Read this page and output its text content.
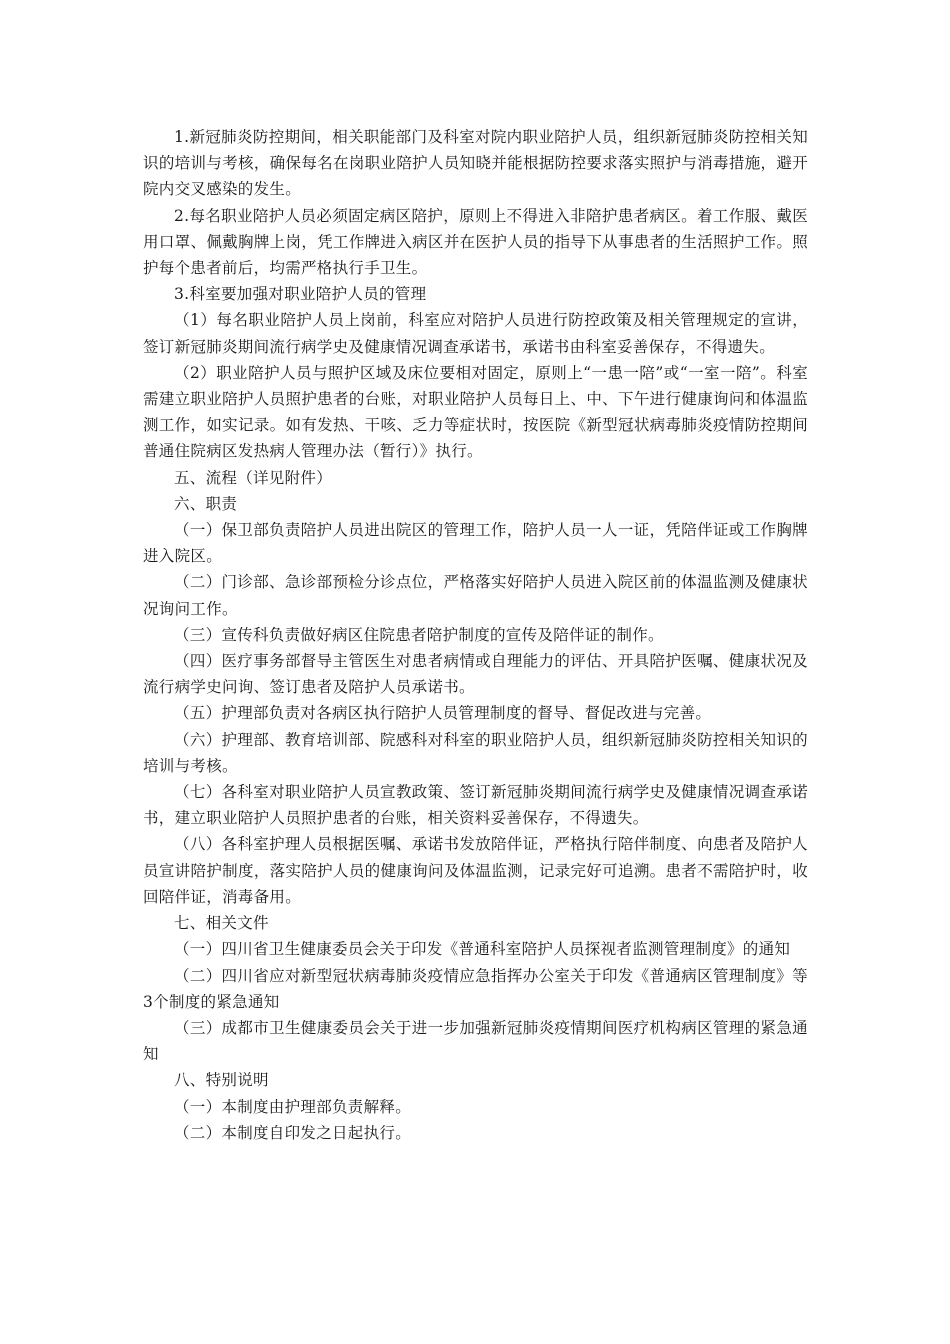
1.新冠肺炎防控期间，相关职能部门及科室对院内职业陪护人员，组织新冠肺炎防控相关知识的培训与考核，确保每名在岗职业陪护人员知晓并能根据防控要求落实照护与消毒措施，避开院内交叉感染的发生。

2.每名职业陪护人员必须固定病区陪护，原则上不得进入非陪护患者病区。着工作服、戴医用口罩、佩戴胸牌上岗，凭工作牌进入病区并在医护人员的指导下从事患者的生活照护工作。照护每个患者前后，均需严格执行手卫生。

3.科室要加强对职业陪护人员的管理

（1）每名职业陪护人员上岗前，科室应对陪护人员进行防控政策及相关管理规定的宣讲，签订新冠肺炎期间流行病学史及健康情况调查承诺书，承诺书由科室妥善保存，不得遗失。

（2）职业陪护人员与照护区域及床位要相对固定，原则上“一患一陪”或“一室一陪”。科室需建立职业陪护人员照护患者的台账，对职业陪护人员每日上、中、下午进行健康询问和体温监测工作，如实记录。如有发热、干咳、乏力等症状时，按医院《新型冠状病毒肺炎疫情防控期间普通住院病区发热病人管理办法（暂行）》执行。

五、流程（详见附件）

六、职责

（一）保卫部负责陪护人员进出院区的管理工作，陪护人员一人一证，凭陪伴证或工作胸牌进入院区。

（二）门诊部、急诊部预检分诊点位，严格落实好陪护人员进入院区前的体温监测及健康状况询问工作。

（三）宣传科负责做好病区住院患者陪护制度的宣传及陪伴证的制作。

（四）医疗事务部督导主管医生对患者病情或自理能力的评估、开具陪护医嘱、健康状况及流行病学史问询、签订患者及陪护人员承诺书。

（五）护理部负责对各病区执行陪护人员管理制度的督导、督促改进与完善。

（六）护理部、教育培训部、院感科对科室的职业陪护人员，组织新冠肺炎防控相关知识的培训与考核。

（七）各科室对职业陪护人员宣教政策、签订新冠肺炎期间流行病学史及健康情况调查承诺书，建立职业陪护人员照护患者的台账，相关资料妥善保存，不得遗失。

（八）各科室护理人员根据医嘱、承诺书发放陪伴证，严格执行陪伴制度、向患者及陪护人员宣讲陪护制度，落实陪护人员的健康询问及体温监测，记录完好可追溯。患者不需陪护时，收回陪伴证，消毒备用。

七、相关文件

（一）四川省卫生健康委员会关于印发《普通科室陪护人员探视者监测管理制度》的通知

（二）四川省应对新型冠状病毒肺炎疫情应急指挥办公室关于印发《普通病区管理制度》等3个制度的紧急通知

（三）成都市卫生健康委员会关于进一步加强新冠肺炎疫情期间医疗机构病区管理的紧急通知

八、特别说明

（一）本制度由护理部负责解释。

（二）本制度自印发之日起执行。
